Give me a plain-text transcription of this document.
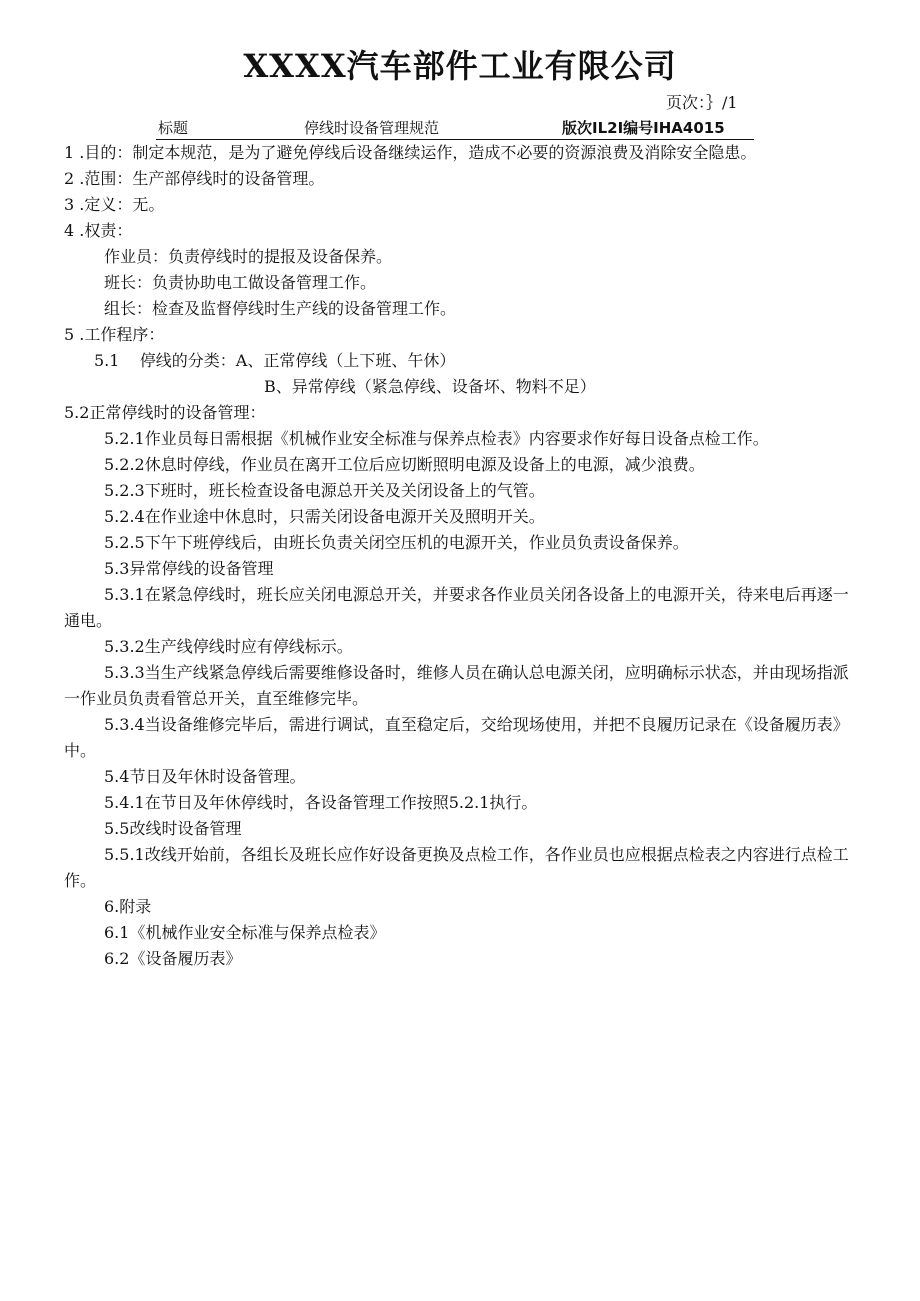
XXXX汽车部件工业有限公司
页次：｝/1
标题	停线时设备管理规范	版次IL2I编号IHA4015

1 .目的：制定本规范，是为了避免停线后设备继续运作，造成不必要的资源浪费及消除安全隐患。

2 .范围：生产部停线时的设备管理。

3 .定义：无。

4 .权责：

作业员：负责停线时的提报及设备保养。

班长：负责协助电工做设备管理工作。

组长：检查及监督停线时生产线的设备管理工作。

5 .工作程序：

5.1    停线的分类：A、正常停线（上下班、午休）

B、异常停线（紧急停线、设备坏、物料不足）

5.2正常停线时的设备管理：

5.2.1作业员每日需根据《机械作业安全标准与保养点检表》内容要求作好每日设备点检工作。

5.2.2休息时停线，作业员在离开工位后应切断照明电源及设备上的电源，减少浪费。

5.2.3下班时，班长检查设备电源总开关及关闭设备上的气管。

5.2.4在作业途中休息时，只需关闭设备电源开关及照明开关。

5.2.5下午下班停线后，由班长负责关闭空压机的电源开关，作业员负责设备保养。

5.3异常停线的设备管理

5.3.1在紧急停线时，班长应关闭电源总开关，并要求各作业员关闭各设备上的电源开关，待来电后再逐一通电。

5.3.2生产线停线时应有停线标示。

5.3.3当生产线紧急停线后需要维修设备时，维修人员在确认总电源关闭，应明确标示状态，并由现场指派一作业员负责看管总开关，直至维修完毕。

5.3.4当设备维修完毕后，需进行调试，直至稳定后，交给现场使用，并把不良履历记录在《设备履历表》中。

5.4节日及年休时设备管理。

5.4.1在节日及年休停线时，各设备管理工作按照5.2.1执行。

5.5改线时设备管理

5.5.1改线开始前，各组长及班长应作好设备更换及点检工作，各作业员也应根据点检表之内容进行点检工作。

6.附录

6.1《机械作业安全标准与保养点检表》

6.2《设备履历表》
